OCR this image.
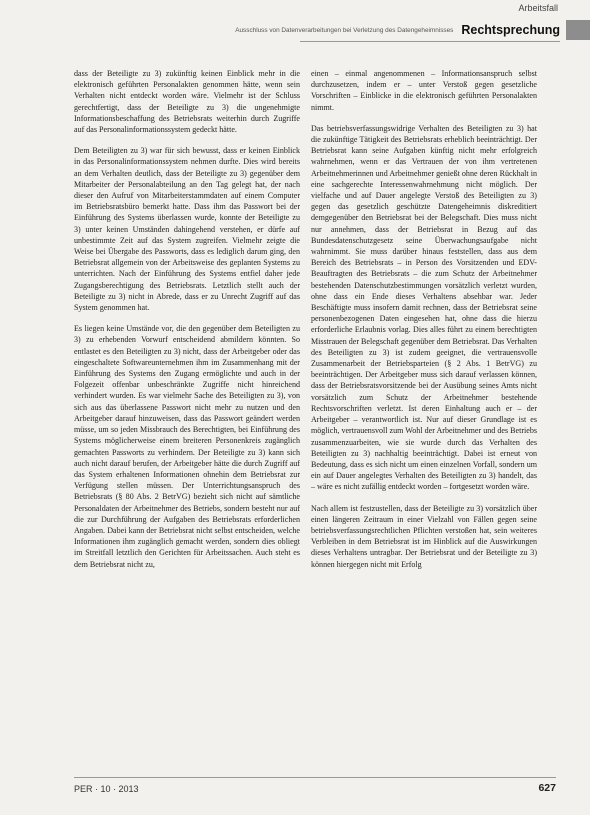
Arbeitsfall
Ausschluss von Datenverarbeitungen bei Verletzung des Datengeheimnisses Rechtsprechung

dass der Beteiligte zu 3) zukünftig keinen Einblick mehr in die elektronisch geführten Personalakten genommen hätte, wenn sein Verhalten nicht entdeckt worden wäre. Vielmehr ist der Schluss gerechtfertigt, dass der Beteiligte zu 3) die ungenehmigte Informationsbeschaffung des Betriebsrats weiterhin durch Zugriffe auf das Personalinformationssystem gedeckt hätte.

Dem Beteiligten zu 3) war für sich bewusst, dass er keinen Einblick in das Personalinformationssystem nehmen durfte. Dies wird bereits an dem Verhalten deutlich, dass der Beteiligte zu 3) gegenüber dem Mitarbeiter der Personalabteilung an den Tag gelegt hat, der nach dieser den Aufruf von Mitarbeiterstammdaten auf einem Computer im Betriebsratsbüro bemerkt hatte. Dass ihm das Passwort bei der Einführung des Systems überlassen wurde, konnte der Beteiligte zu 3) unter keinen Umständen dahingehend verstehen, er dürfe auf unbestimmte Zeit auf das System zugreifen. Vielmehr zeigte die Weise bei Übergabe des Passworts, dass es lediglich darum ging, den Betriebsrat allgemein von der Arbeitsweise des geplanten Systems zu unterrichten. Nach der Einführung des Systems entfiel daher jede Zugangsberechtigung des Betriebsrats. Letztlich stellt auch der Beteiligte zu 3) nicht in Abrede, dass er zu Unrecht Zugriff auf das System genommen hat.

Es liegen keine Umstände vor, die den gegenüber dem Beteiligten zu 3) zu erhebenden Vorwurf entscheidend abmildern könnten. So entlastet es den Beteiligten zu 3) nicht, dass der Arbeitgeber oder das eingeschaltete Softwareunternehmen ihm im Zusammenhang mit der Einführung des Systems den Zugang ermöglichte und auch in der Folgezeit offenbar unbeschränkte Zugriffe nicht hinreichend verhindert wurden. Es war vielmehr Sache des Beteiligten zu 3), von sich aus das überlassene Passwort nicht mehr zu nutzen und den Arbeitgeber darauf hinzuweisen, dass das Passwort geändert werden müsse, um so jeden Missbrauch des Berechtigten, bei Einführung des Systems möglicherweise einem breiteren Personenkreis zugänglich gemachten Passworts zu verhindern. Der Beteiligte zu 3) kann sich auch nicht darauf berufen, der Arbeitgeber hätte die durch Zugriff auf das System erhaltenen Informationen ohnehin dem Betriebsrat zur Verfügung stellen müssen. Der Unterrichtungsanspruch des Betriebsrats (§ 80 Abs. 2 BetrVG) bezieht sich nicht auf sämtliche Personaldaten der Arbeitnehmer des Betriebs, sondern besteht nur auf die zur Durchführung der Aufgaben des Betriebsrats erforderlichen Angaben. Dabei kann der Betriebsrat nicht selbst entscheiden, welche Informationen ihm zugänglich gemacht werden, sondern dies obliegt im Streitfall letztlich den Gerichten für Arbeitssachen. Auch steht es dem Betriebsrat nicht zu,

einen – einmal angenommenen – Informationsanspruch selbst durchzusetzen, indem er – unter Verstoß gegen gesetzliche Vorschriften – Einblicke in die elektronisch geführten Personalakten nimmt.

Das betriebsverfassungswidrige Verhalten des Beteiligten zu 3) hat die zukünftige Tätigkeit des Betriebsrats erheblich beeinträchtigt. Der Betriebsrat kann seine Aufgaben künftig nicht mehr erfolgreich wahrnehmen, wenn er das Vertrauen der von ihm vertretenen Arbeitnehmerinnen und Arbeitnehmer genießt ohne deren Rückhalt in eine sachgerechte Interessenwahrnehmung nicht möglich. Der vielfache und auf Dauer angelegte Verstoß des Beteiligten zu 3) gegen das gesetzlich geschützte Datengeheimnis diskreditiert demgegenüber den Betriebsrat bei der Belegschaft. Dies muss nicht nur annehmen, dass der Betriebsrat in Bezug auf das Bundesdatenschutzgesetz seine Überwachungsaufgabe nicht wahrnimmt. Sie muss darüber hinaus feststellen, dass aus dem Bereich des Betriebsrats – in Person des Vorsitzenden und EDV-Beauftragten des Betriebsrats – die zum Schutz der Arbeitnehmer bestehenden Datenschutzbestimmungen vorsätzlich verletzt wurden, ohne dass ein Ende dieses Verhaltens absehbar war. Jeder Beschäftigte muss insofern damit rechnen, dass der Betriebsrat seine personenbezogenen Daten eingesehen hat, ohne dass die hierzu erforderliche Erlaubnis vorlag. Dies alles führt zu einem berechtigten Misstrauen der Belegschaft gegenüber dem Betriebsrat. Das Verhalten des Beteiligten zu 3) ist zudem geeignet, die vertrauensvolle Zusammenarbeit der Betriebsparteien (§ 2 Abs. 1 BetrVG) zu beeinträchtigen. Der Arbeitgeber muss sich darauf verlassen können, dass der Betriebsratsvorsitzende bei der Ausübung seines Amts nicht vorsätzlich zum Schutz der Arbeitnehmer bestehende Rechtsvorschriften verletzt. Ist deren Einhaltung auch er – der Arbeitgeber – verantwortlich ist. Nur auf dieser Grundlage ist es möglich, vertrauensvoll zum Wohl der Arbeitnehmer und des Betriebs zusammenzuarbeiten, wie sie wurde durch das Verhalten des Beteiligten zu 3) nachhaltig beeinträchtigt. Dabei ist erneut von Bedeutung, dass es sich nicht um einen einzelnen Vorfall, sondern um ein auf Dauer angelegtes Verhalten des Beteiligten zu 3) handelt, das – wäre es nicht zufällig entdeckt worden – fortgesetzt worden wäre.

Nach allem ist festzustellen, dass der Beteiligte zu 3) vorsätzlich über einen längeren Zeitraum in einer Vielzahl von Fällen gegen seine betriebsverfassungsrechtlichen Pflichten verstoßen hat, sein weiteres Verbleiben in dem Betriebsrat ist im Hinblick auf die Auswirkungen dieses Verhaltens untragbar. Der Betriebsrat und der Beteiligte zu 3) können hiergegen nicht mit Erfolg

PER · 10 · 2013	627
